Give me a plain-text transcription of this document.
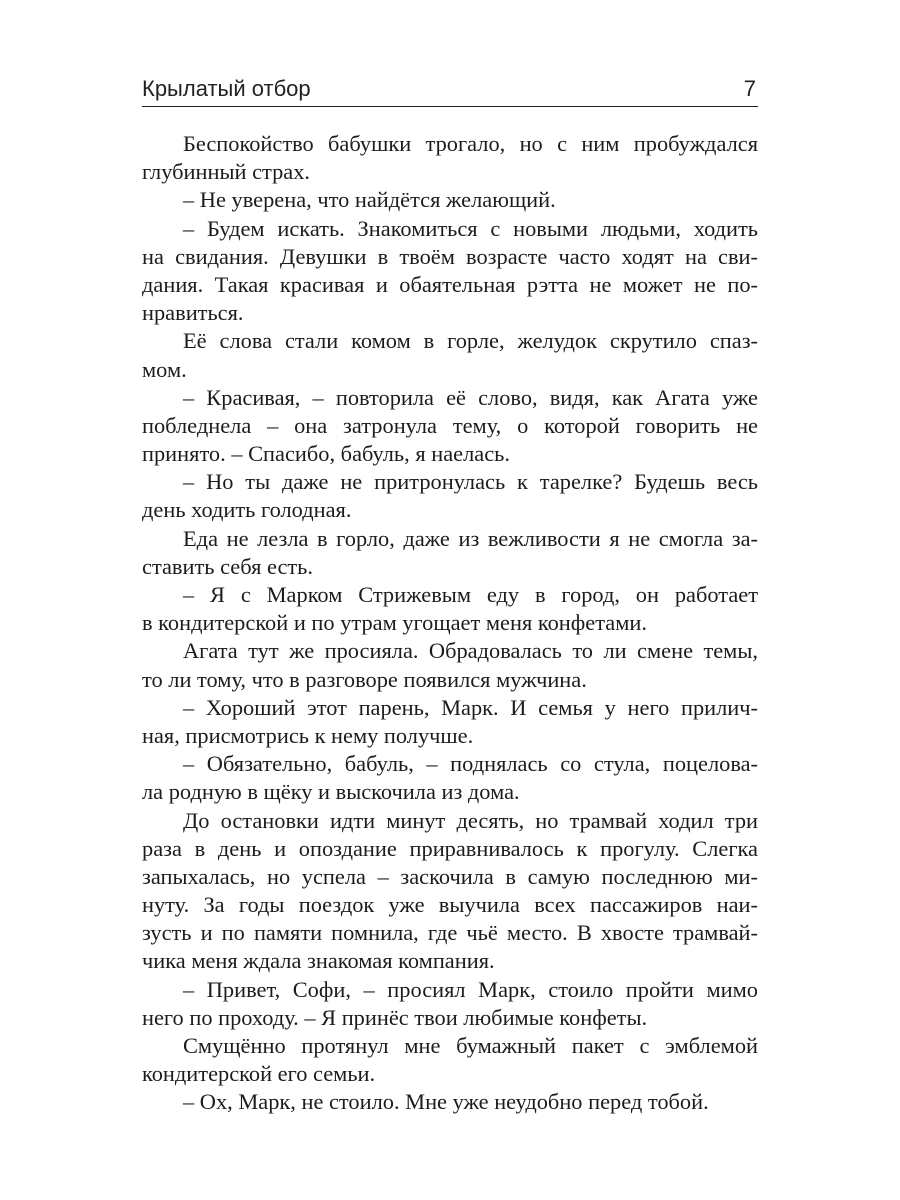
Крылатый отбор	7
Беспокойство бабушки трогало, но с ним пробуждался
глубинный страх.
– Не уверена, что найдётся желающий.
– Будем искать. Знакомиться с новыми людьми, ходить
на свидания. Девушки в твоём возрасте часто ходят на сви-
дания. Такая красивая и обаятельная рэтта не может не по-
нравиться.
Её слова стали комом в горле, желудок скрутило спаз-
мом.
– Красивая, – повторила её слово, видя, как Агата уже
побледнела – она затронула тему, о которой говорить не
принято. – Спасибо, бабуль, я наелась.
– Но ты даже не притронулась к тарелке? Будешь весь
день ходить голодная.
Еда не лезла в горло, даже из вежливости я не смогла за-
ставить себя есть.
– Я с Марком Стрижевым еду в город, он работает
в кондитерской и по утрам угощает меня конфетами.
Агата тут же просияла. Обрадовалась то ли смене темы,
то ли тому, что в разговоре появился мужчина.
– Хороший этот парень, Марк. И семья у него прилич-
ная, присмотрись к нему получше.
– Обязательно, бабуль, – поднялась со стула, поцелова-
ла родную в щёку и выскочила из дома.
До остановки идти минут десять, но трамвай ходил три
раза в день и опоздание приравнивалось к прогулу. Слегка
запыхалась, но успела – заскочила в самую последнюю ми-
нуту. За годы поездок уже выучила всех пассажиров наи-
зусть и по памяти помнила, где чьё место. В хвосте трамвай-
чика меня ждала знакомая компания.
– Привет, Софи, – просиял Марк, стоило пройти мимо
него по проходу. – Я принёс твои любимые конфеты.
Смущённо протянул мне бумажный пакет с эмблемой
кондитерской его семьи.
– Ох, Марк, не стоило. Мне уже неудобно перед тобой.
